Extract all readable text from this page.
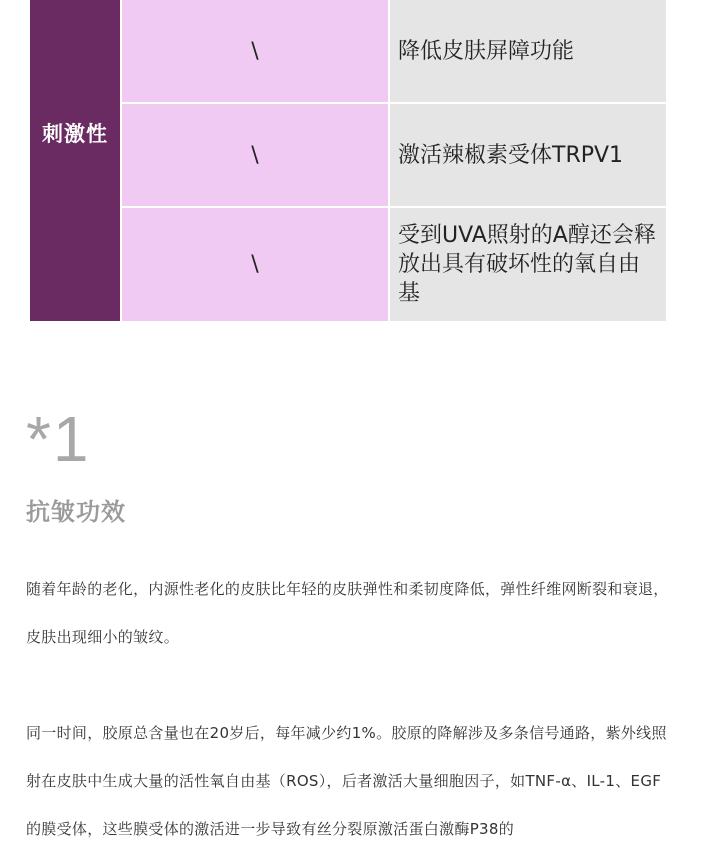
刺激性
\	降低皮肤屏障功能
\	激活辣椒素受体TRPV1
\
受到UVA照射的A醇还会释放出具有破坏性的氧自由基
*1
抗皱功效
随着年龄的老化，内源性老化的皮肤比年轻的皮肤弹性和柔韧度降低，弹性纤维网断裂和衰退，皮肤出现细小的皱纹。
同一时间，胶原总含量也在20岁后，每年减少约1%。胶原的降解涉及多条信号通路，紫外线照射在皮肤中生成大量的活性氧自由基（ROS），后者激活大量细胞因子，如TNF-α、IL-1、EGF的膜受体，这些膜受体的激活进一步导致有丝分裂原激活蛋白激酶P38的
